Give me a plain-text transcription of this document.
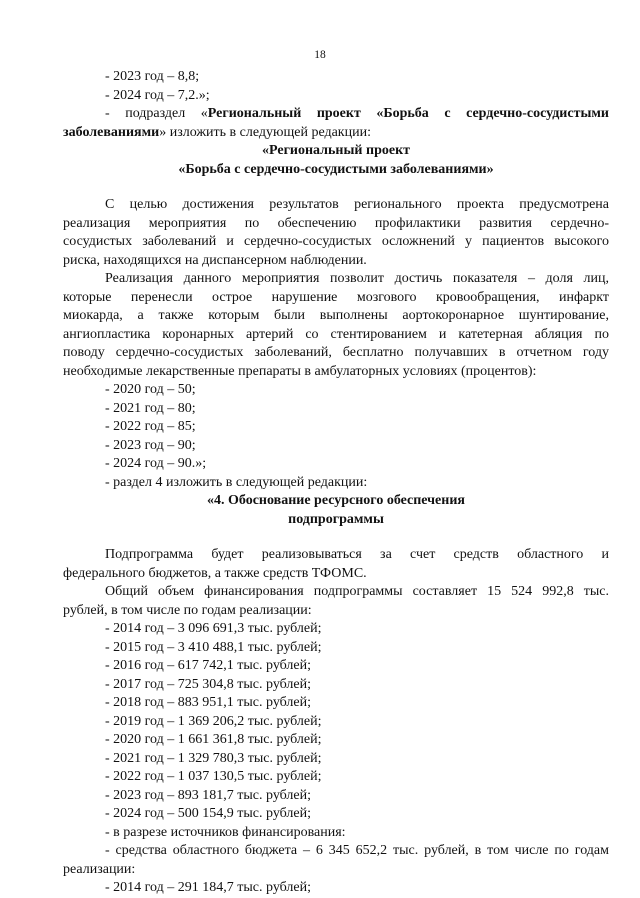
18
- 2023 год – 8,8;
- 2024 год – 7,2.»;
- подраздел «Региональный проект «Борьба с сердечно-сосудистыми
заболеваниями» изложить в следующей редакции:
«Региональный проект
«Борьба с сердечно-сосудистыми заболеваниями»
С целью достижения результатов регионального проекта предусмотрена
реализация мероприятия по обеспечению профилактики развития сердечно-
сосудистых заболеваний и сердечно-сосудистых осложнений у пациентов высокого
риска, находящихся на диспансерном наблюдении.
Реализация данного мероприятия позволит достичь показателя – доля лиц,
которые перенесли острое нарушение мозгового кровообращения, инфаркт
миокарда, а также которым были выполнены аортокоронарное шунтирование,
ангиопластика коронарных артерий со стентированием и катетерная абляция по
поводу сердечно-сосудистых заболеваний, бесплатно получавших в отчетном году
необходимые лекарственные препараты в амбулаторных условиях (процентов):
- 2020 год – 50;
- 2021 год – 80;
- 2022 год – 85;
- 2023 год – 90;
- 2024 год – 90.»;
- раздел 4 изложить в следующей редакции:
«4. Обоснование ресурсного обеспечения
подпрограммы
Подпрограмма будет реализовываться за счет средств областного и
федерального бюджетов, а также средств ТФОМС.
Общий объем финансирования подпрограммы составляет 15 524 992,8 тыс.
рублей, в том числе по годам реализации:
- 2014 год – 3 096 691,3 тыс. рублей;
- 2015 год – 3 410 488,1 тыс. рублей;
- 2016 год – 617 742,1 тыс. рублей;
- 2017 год – 725 304,8 тыс. рублей;
- 2018 год – 883 951,1 тыс. рублей;
- 2019 год – 1 369 206,2 тыс. рублей;
- 2020 год – 1 661 361,8 тыс. рублей;
- 2021 год – 1 329 780,3 тыс. рублей;
- 2022 год – 1 037 130,5 тыс. рублей;
- 2023 год – 893 181,7 тыс. рублей;
- 2024 год – 500 154,9 тыс. рублей;
- в разрезе источников финансирования:
- средства областного бюджета – 6 345 652,2 тыс. рублей, в том числе по годам
реализации:
- 2014 год – 291 184,7 тыс. рублей;
